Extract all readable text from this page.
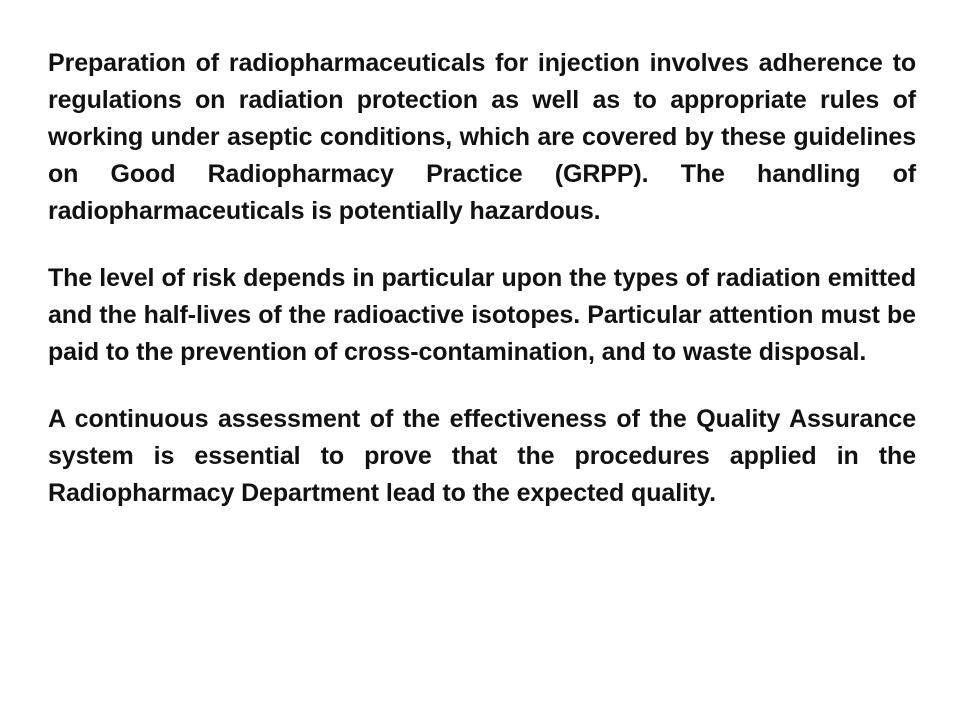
Preparation of radiopharmaceuticals for injection involves adherence to regulations on radiation protection as well as to appropriate rules of working under aseptic conditions, which are covered by these guidelines on Good Radiopharmacy Practice (GRPP). The handling of radiopharmaceuticals is potentially hazardous.

The level of risk depends in particular upon the types of radiation emitted and the half-lives of the radioactive isotopes. Particular attention must be paid to the prevention of cross-contamination, and to waste disposal.

A continuous assessment of the effectiveness of the Quality Assurance system is essential to prove that the procedures applied in the Radiopharmacy Department lead to the expected quality.
